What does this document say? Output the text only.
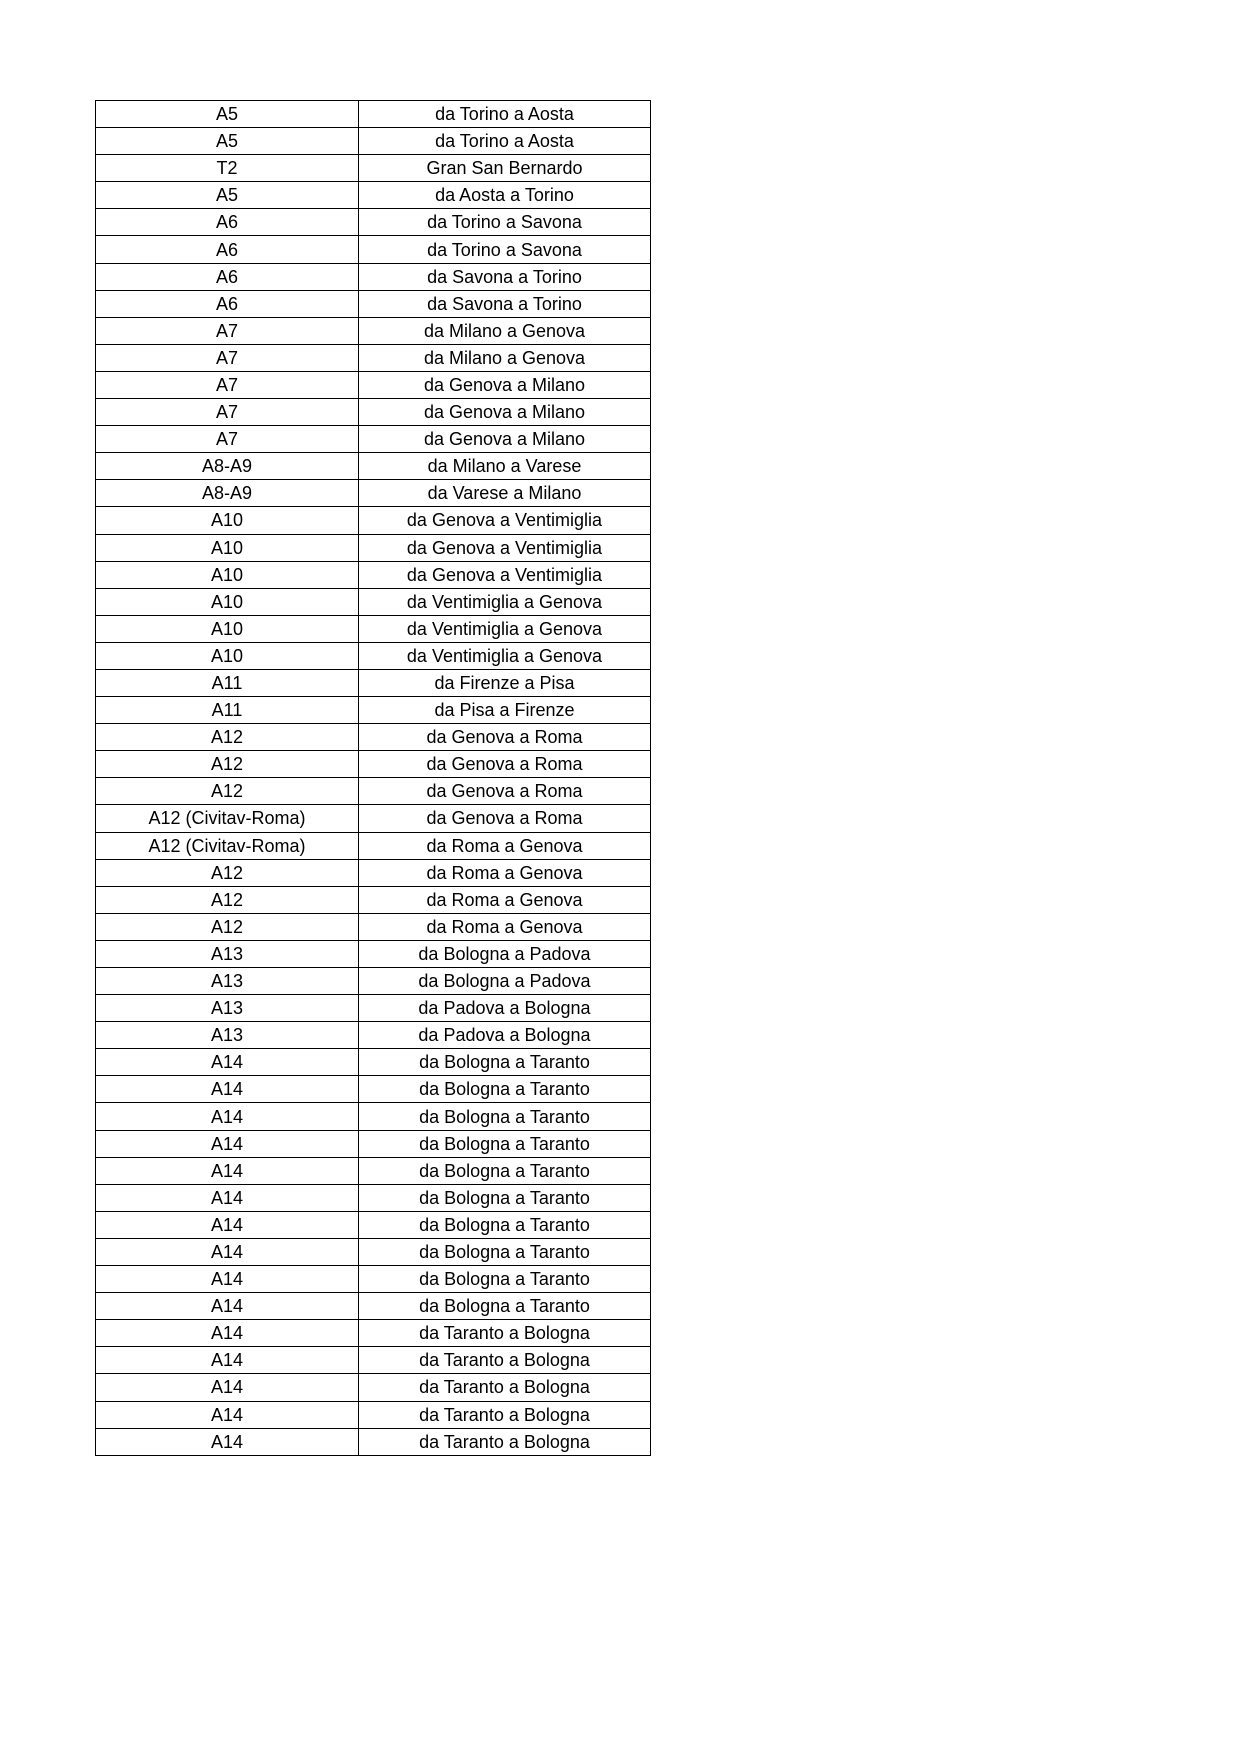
A5	da Torino a Aosta
A5	da Torino a Aosta
T2	Gran San Bernardo
A5	da Aosta a Torino
A6	da Torino a Savona
A6	da Torino a Savona
A6	da Savona a Torino
A6	da Savona a Torino
A7	da Milano a Genova
A7	da Milano a Genova
A7	da Genova a Milano
A7	da Genova a Milano
A7	da Genova a Milano
A8-A9	da Milano a Varese
A8-A9	da Varese a Milano
A10	da Genova a Ventimiglia
A10	da Genova a Ventimiglia
A10	da Genova a Ventimiglia
A10	da Ventimiglia a Genova
A10	da Ventimiglia a Genova
A10	da Ventimiglia a Genova
A11	da Firenze a Pisa
A11	da Pisa a Firenze
A12	da Genova a Roma
A12	da Genova a Roma
A12	da Genova a Roma
A12 (Civitav-Roma)	da Genova a Roma
A12 (Civitav-Roma)	da Roma a Genova
A12	da Roma a Genova
A12	da Roma a Genova
A12	da Roma a Genova
A13	da Bologna a Padova
A13	da Bologna a Padova
A13	da Padova a Bologna
A13	da Padova a Bologna
A14	da Bologna a Taranto
A14	da Bologna a Taranto
A14	da Bologna a Taranto
A14	da Bologna a Taranto
A14	da Bologna a Taranto
A14	da Bologna a Taranto
A14	da Bologna a Taranto
A14	da Bologna a Taranto
A14	da Bologna a Taranto
A14	da Bologna a Taranto
A14	da Taranto a Bologna
A14	da Taranto a Bologna
A14	da Taranto a Bologna
A14	da Taranto a Bologna
A14	da Taranto a Bologna
